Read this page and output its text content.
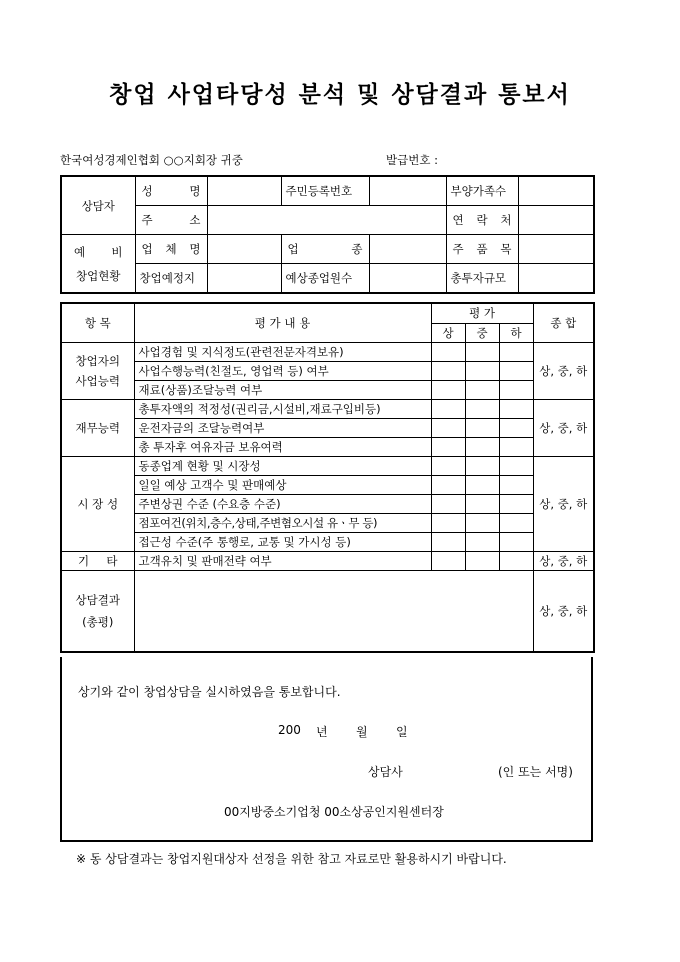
창업 사업타당성 분석 및 상담결과 통보서
한국여성경제인협회 ○○지회장 귀중	발급번호 :
상담자	성 명		주민등록번호		부양가족수	
	주 소				연 락 처	

예 비
창업현황	업 체 명		업 종		주 품 목	
	창업예정지		예상종업원수		총투자규모	
항 목	평 가 내 용	평 가			종 합
		상	중	하	

창업자의
사업능력	사업경험 및 지식정도(관련전문자격보유)				상, 중, 하
	사업수행능력(친절도, 영업력 등) 여부				
	재료(상품)조달능력 여부				
재무능력	총투자액의 적정성(권리금,시설비,재료구입비등)				상, 중, 하
	운전자금의 조달능력여부				
	총 투자후 여유자금 보유여력				
시 장 성	동종업계 현황 및 시장성				상, 중, 하
	일일 예상 고객수 및 판매예상				
	주변상권 수준 (수요층 수준)				
	점포여건(위치,층수,상태,주변혐오시설 유ㆍ무 등)				
	접근성 수준(주 통행로, 교통 및 가시성 등)				
기 타	고객유치 및 판매전략 여부				상, 중, 하

상담결과
(총평)					상, 중, 하
상기와 같이 창업상담을 실시하였음을 통보합니다.
200 년 월 일
상담사	(인 또는 서명)
00지방중소기업청 00소상공인지원센터장
※ 동 상담결과는 창업지원대상자 선정을 위한 참고 자료로만 활용하시기 바랍니다.
